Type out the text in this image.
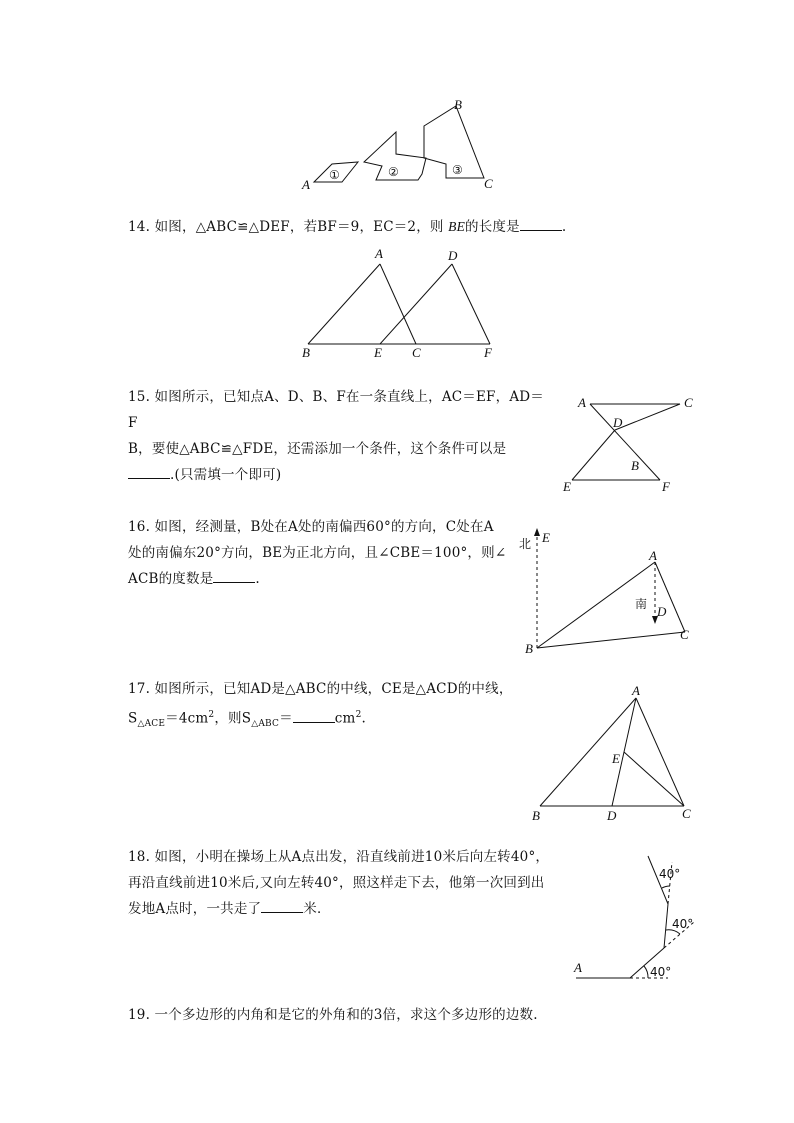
A
B
C
①	②	③
14. 如图，△ABC≌△DEF，若BF＝9，EC＝2，则 BE的长度是	.
A	D
B	E C	F
15. 如图所示，已知点A、D、B、F在一条直线上，AC＝EF，AD＝F
B，要使△ABC≌△FDE，还需添加一个条件，这个条件可以是
.(只需填一个即可)
A	C
D
B
E	F
16. 如图，经测量，B处在A处的南偏西60°的方向，C处在A
处的南偏东20°方向，BE为正北方向，且∠CBE＝100°，则∠
ACB的度数是	.
北 E
A
南 D
B
C
17. 如图所示，已知AD是△ABC的中线，CE是△ACD的中线，
$S_{\triangle ACE}=4cm^2$，则$S_{\triangle ABC}=$	$cm^2$.
A
E
B	D	C
18. 如图，小明在操场上从A点出发，沿直线前进10米后向左转40°，
再沿直线前进10米后,又向左转40°，照这样走下去，他第一次回到出
发地A点时，一共走了	米．
A	40°
40°
40°
19. 一个多边形的内角和是它的外角和的3倍，求这个多边形的边数.
